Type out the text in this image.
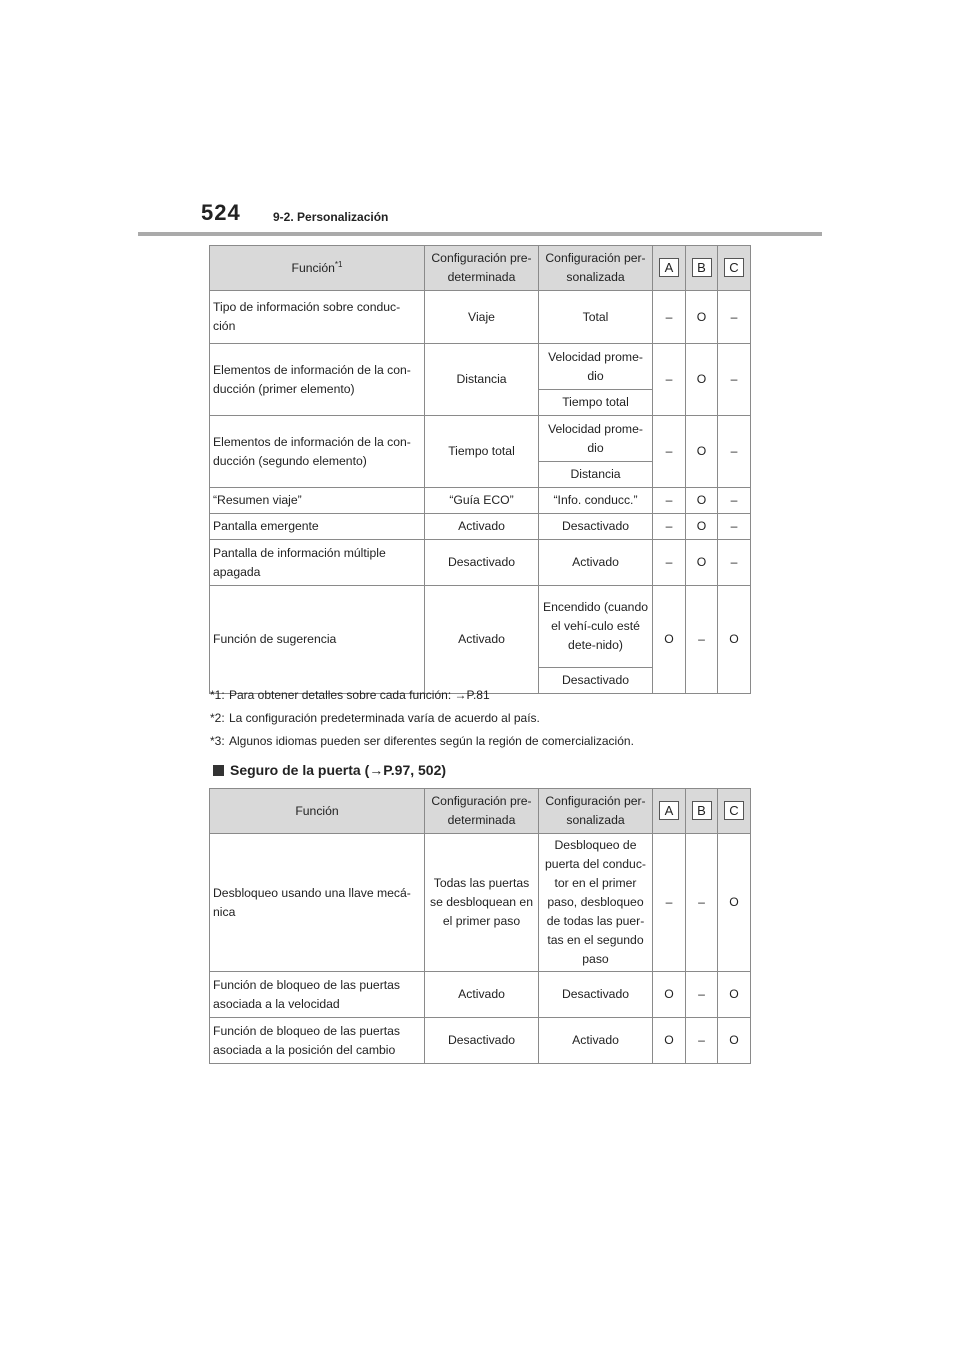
524	9-2. Personalización
Función$^{*1}$	Configuración pre-determinada	Configuración per-sonalizada	A	B	C
Tipo de información sobre conduc-ción	Viaje	Total	–	O	–
Elementos de información de la con-ducción (primer elemento)	Distancia	Velocidad prome-dio	–	O	–
		Tiempo total			
Elementos de información de la con-ducción (segundo elemento)	Tiempo total	Velocidad prome-dio	–	O	–
		Distancia			
“Resumen viaje”	“Guía ECO”	“Info. conducc.”	–	O	–
Pantalla emergente	Activado	Desactivado	–	O	–
Pantalla de información múltiple apagada	Desactivado	Activado	–	O	–
Función de sugerencia	Activado	Encendido (cuando el vehí-culo esté dete-nido)	O	–	O
		Desactivado			
*1: Para obtener detalles sobre cada función: →P.81
*2: La configuración predeterminada varía de acuerdo al país.
*3: Algunos idiomas pueden ser diferentes según la región de comercialización.
Seguro de la puerta (→P.97, 502)
Función	Configuración pre-determinada	Configuración per-sonalizada	A	B	C
Desbloqueo usando una llave mecá-nica	Todas las puertas se desbloquean en el primer paso	Desbloqueo de puerta del conduc-tor en el primer paso, desbloqueo de todas las puer-tas en el segundo paso	–	–	O
Función de bloqueo de las puertas asociada a la velocidad	Activado	Desactivado	O	–	O
Función de bloqueo de las puertas asociada a la posición del cambio	Desactivado	Activado	O	–	O
